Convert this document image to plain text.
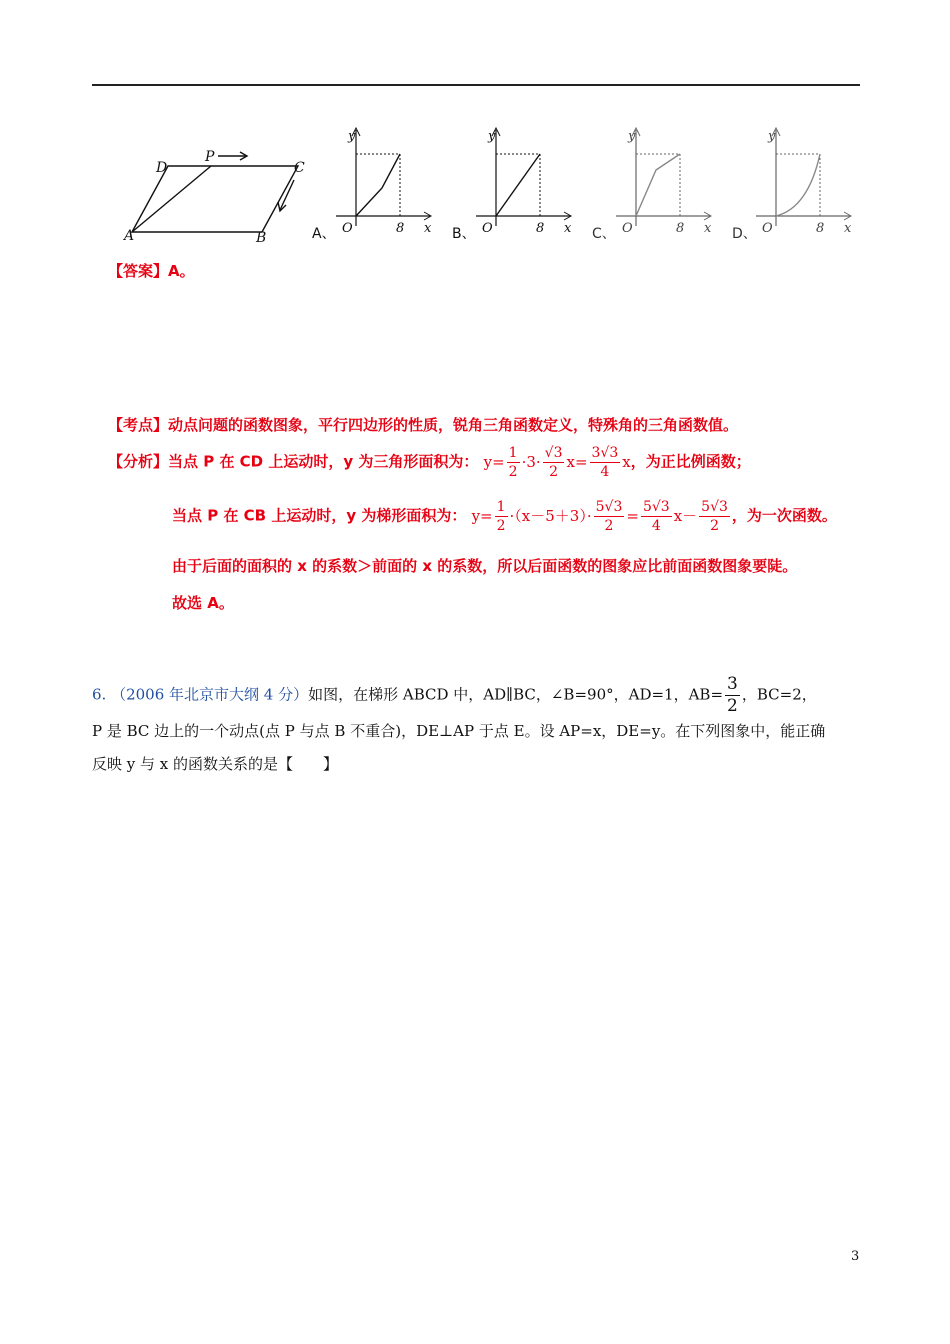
A	B
C
D
P
A、
y
O	8 x B、
y
O	8 x C、
y
O	8 x D、
y
O	8 x
【答案】A。
【考点】动点问题的函数图象，平行四边形的性质，锐角三角函数定义，特殊角的三角函数值。
【分析】当点 P 在 CD 上运动时，y 为三角形面积为： $y= \frac{1}{2} \cdot 3\cdot \frac{√3}{2} x= \frac{3√3}{4}$ x，为正比例函数；
当点 P 在 CB 上运动时，y 为梯形面积为： $y= \frac{1}{2} \cdot(x-5+3)\cdot \frac{5√3}{2} = \frac{5√3}{4} x- \frac{5√3}{2}$ ，为一次函数。
由于后面的面积的 x 的系数＞前面的 x 的系数，所以后面函数的图象应比前面函数图象要陡。
故选 A。
6. （2006 年北京市大纲 4 分）如图，在梯形 ABCD 中，AD∥BC，∠B=90°，AD=1，$AB= \frac{3}{2}$ ，BC=2，
P 是 BC 边上的一个动点(点 P 与点 B 不重合)，DE⊥AP 于点 E。设 AP=x，DE=y。在下列图象中，能正确
反映 y 与 x 的函数关系的是【　　】
3
